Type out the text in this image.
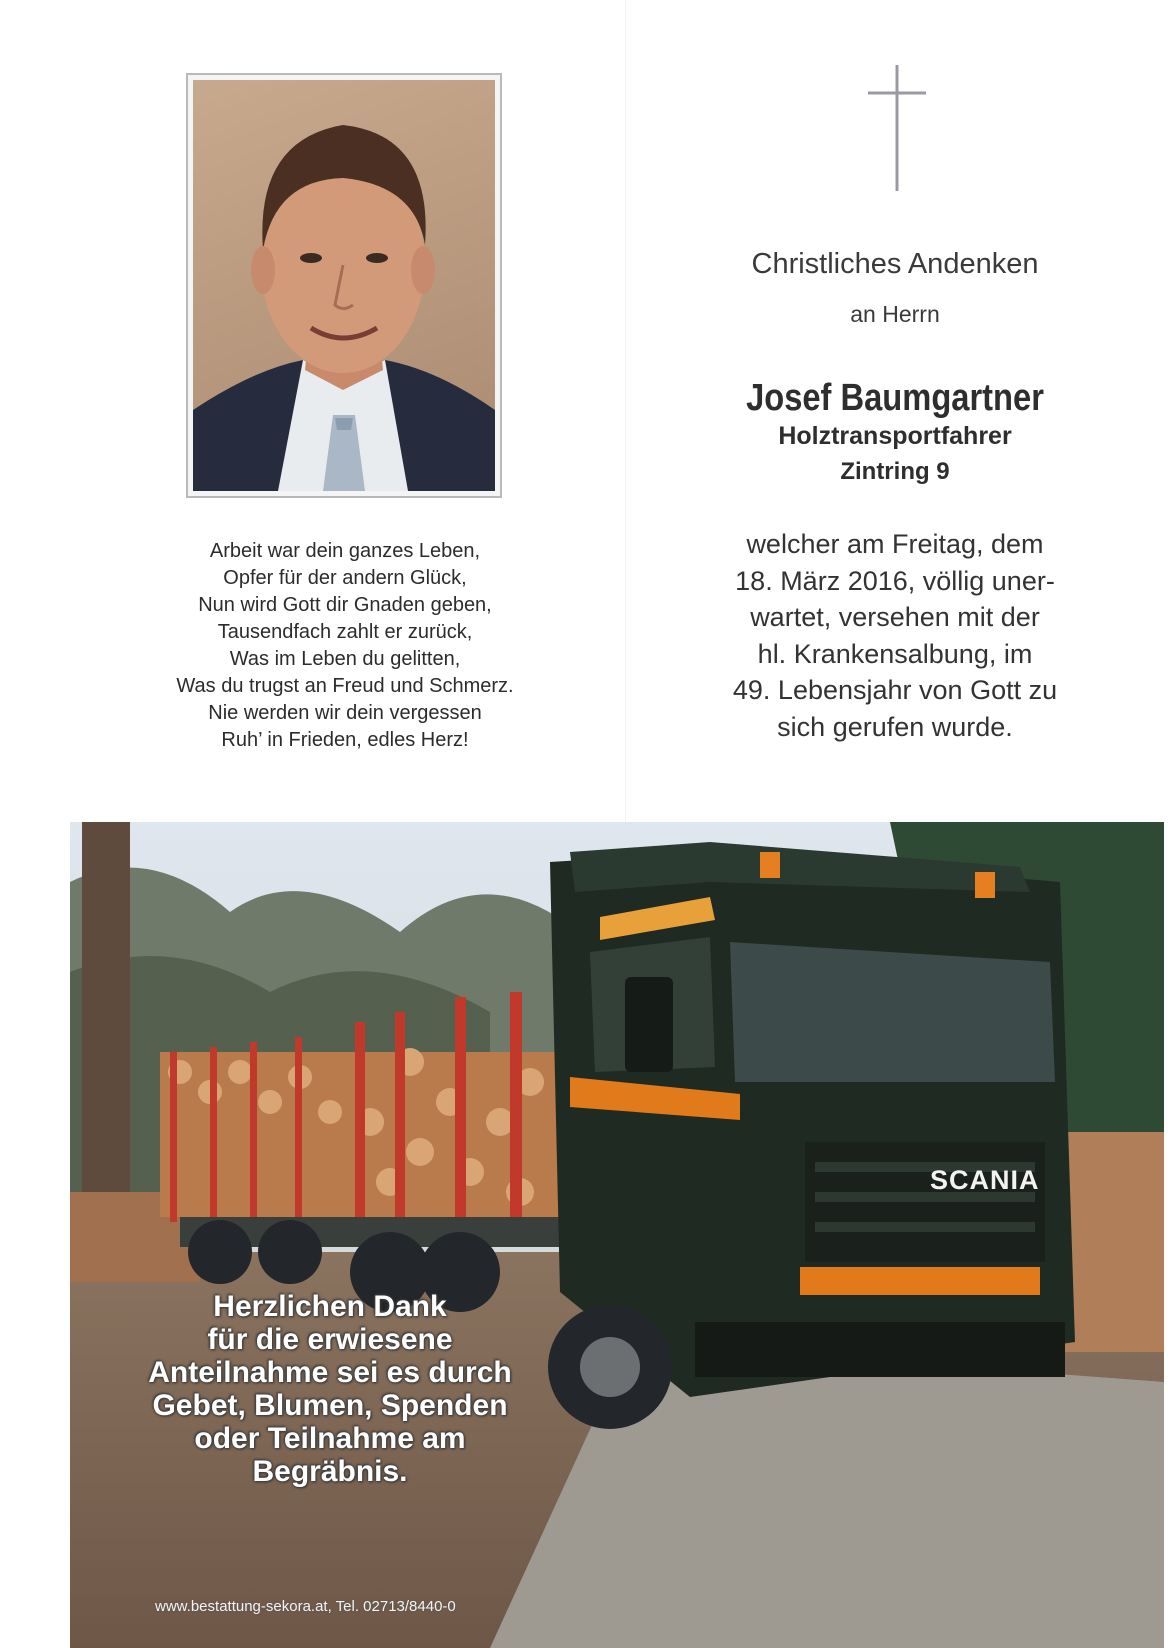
Arbeit war dein ganzes Leben,
Opfer für der andern Glück,
Nun wird Gott dir Gnaden geben,
Tausendfach zahlt er zurück,
Was im Leben du gelitten,
Was du trugst an Freud und Schmerz.
Nie werden wir dein vergessen
Ruh’ in Frieden, edles Herz!

Christliches Andenken

an Herrn

Josef Baumgartner

Holztransportfahrer

Zintring 9

welcher am Freitag, dem
18. März 2016, völlig uner-
wartet, versehen mit der
hl. Krankensalbung, im
49. Lebensjahr von Gott zu
sich gerufen wurde.
SCANIA
Herzlichen Dank
für die erwiesene
Anteilnahme sei es durch
Gebet, Blumen, Spenden
oder Teilnahme am
Begräbnis.
www.bestattung-sekora.at, Tel. 02713/8440-0
